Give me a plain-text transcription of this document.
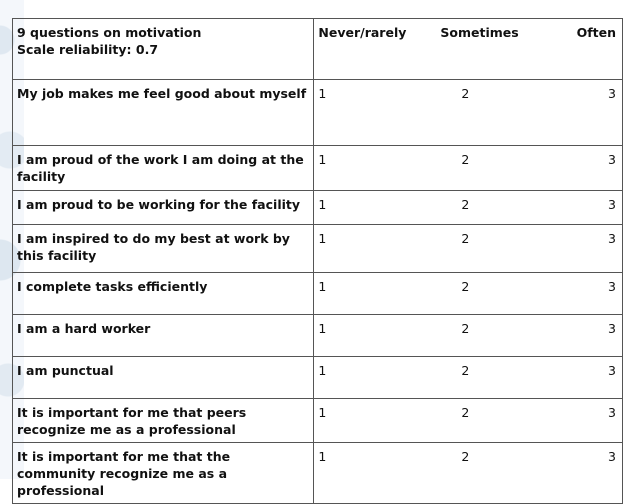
9 questions on motivation
Scale reliability: 0.7	Never/rarely Sometimes Often

My job makes me feel good about myself	1 2 3

I am proud of the work I am doing at the facility	1 2 3

I am proud to be working for the facility	1 2 3

I am inspired to do my best at work by this facility	1 2 3

I complete tasks efficiently	1 2 3

I am a hard worker	1 2 3

I am punctual	1 2 3

It is important for me that peers recognize me as a professional	1 2 3

It is important for me that the community recognize me as a professional	1 2 3
